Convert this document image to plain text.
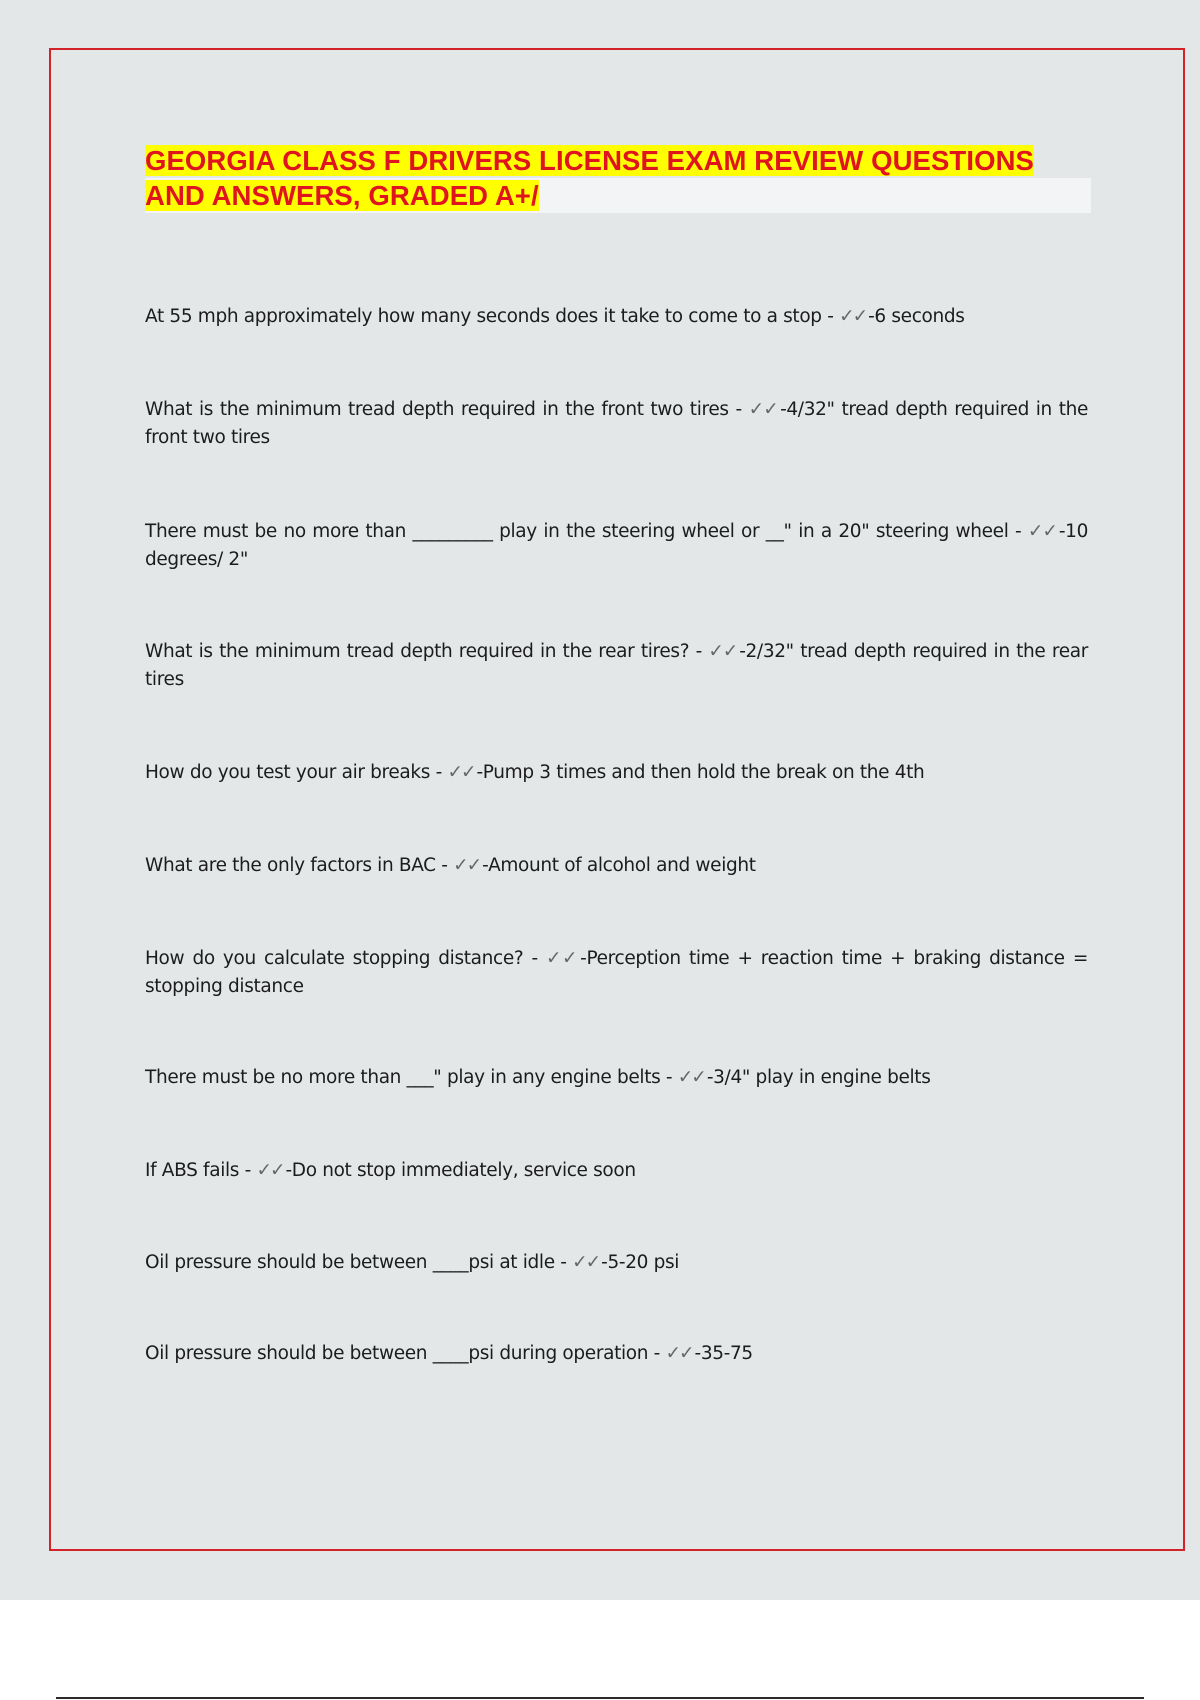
GEORGIA CLASS F DRIVERS LICENSE EXAM REVIEW QUESTIONS
AND ANSWERS, GRADED A+/

At 55 mph approximately how many seconds does it take to come to a stop - ✓✓ -6 seconds

What is the minimum tread depth required in the front two tires - ✓✓ -4/32" tread depth required in the front two tires

There must be no more than _________ play in the steering wheel or __" in a 20" steering wheel - ✓✓ -10 degrees/ 2"

What is the minimum tread depth required in the rear tires? - ✓✓ -2/32" tread depth required in the rear tires

How do you test your air breaks - ✓✓ -Pump 3 times and then hold the break on the 4th

What are the only factors in BAC - ✓✓ -Amount of alcohol and weight

How do you calculate stopping distance? - ✓✓ -Perception time + reaction time + braking distance = stopping distance

There must be no more than ___" play in any engine belts - ✓✓ -3/4" play in engine belts

If ABS fails - ✓✓ -Do not stop immediately, service soon

Oil pressure should be between ____psi at idle - ✓✓ -5-20 psi

Oil pressure should be between ____psi during operation - ✓✓ -35-75
